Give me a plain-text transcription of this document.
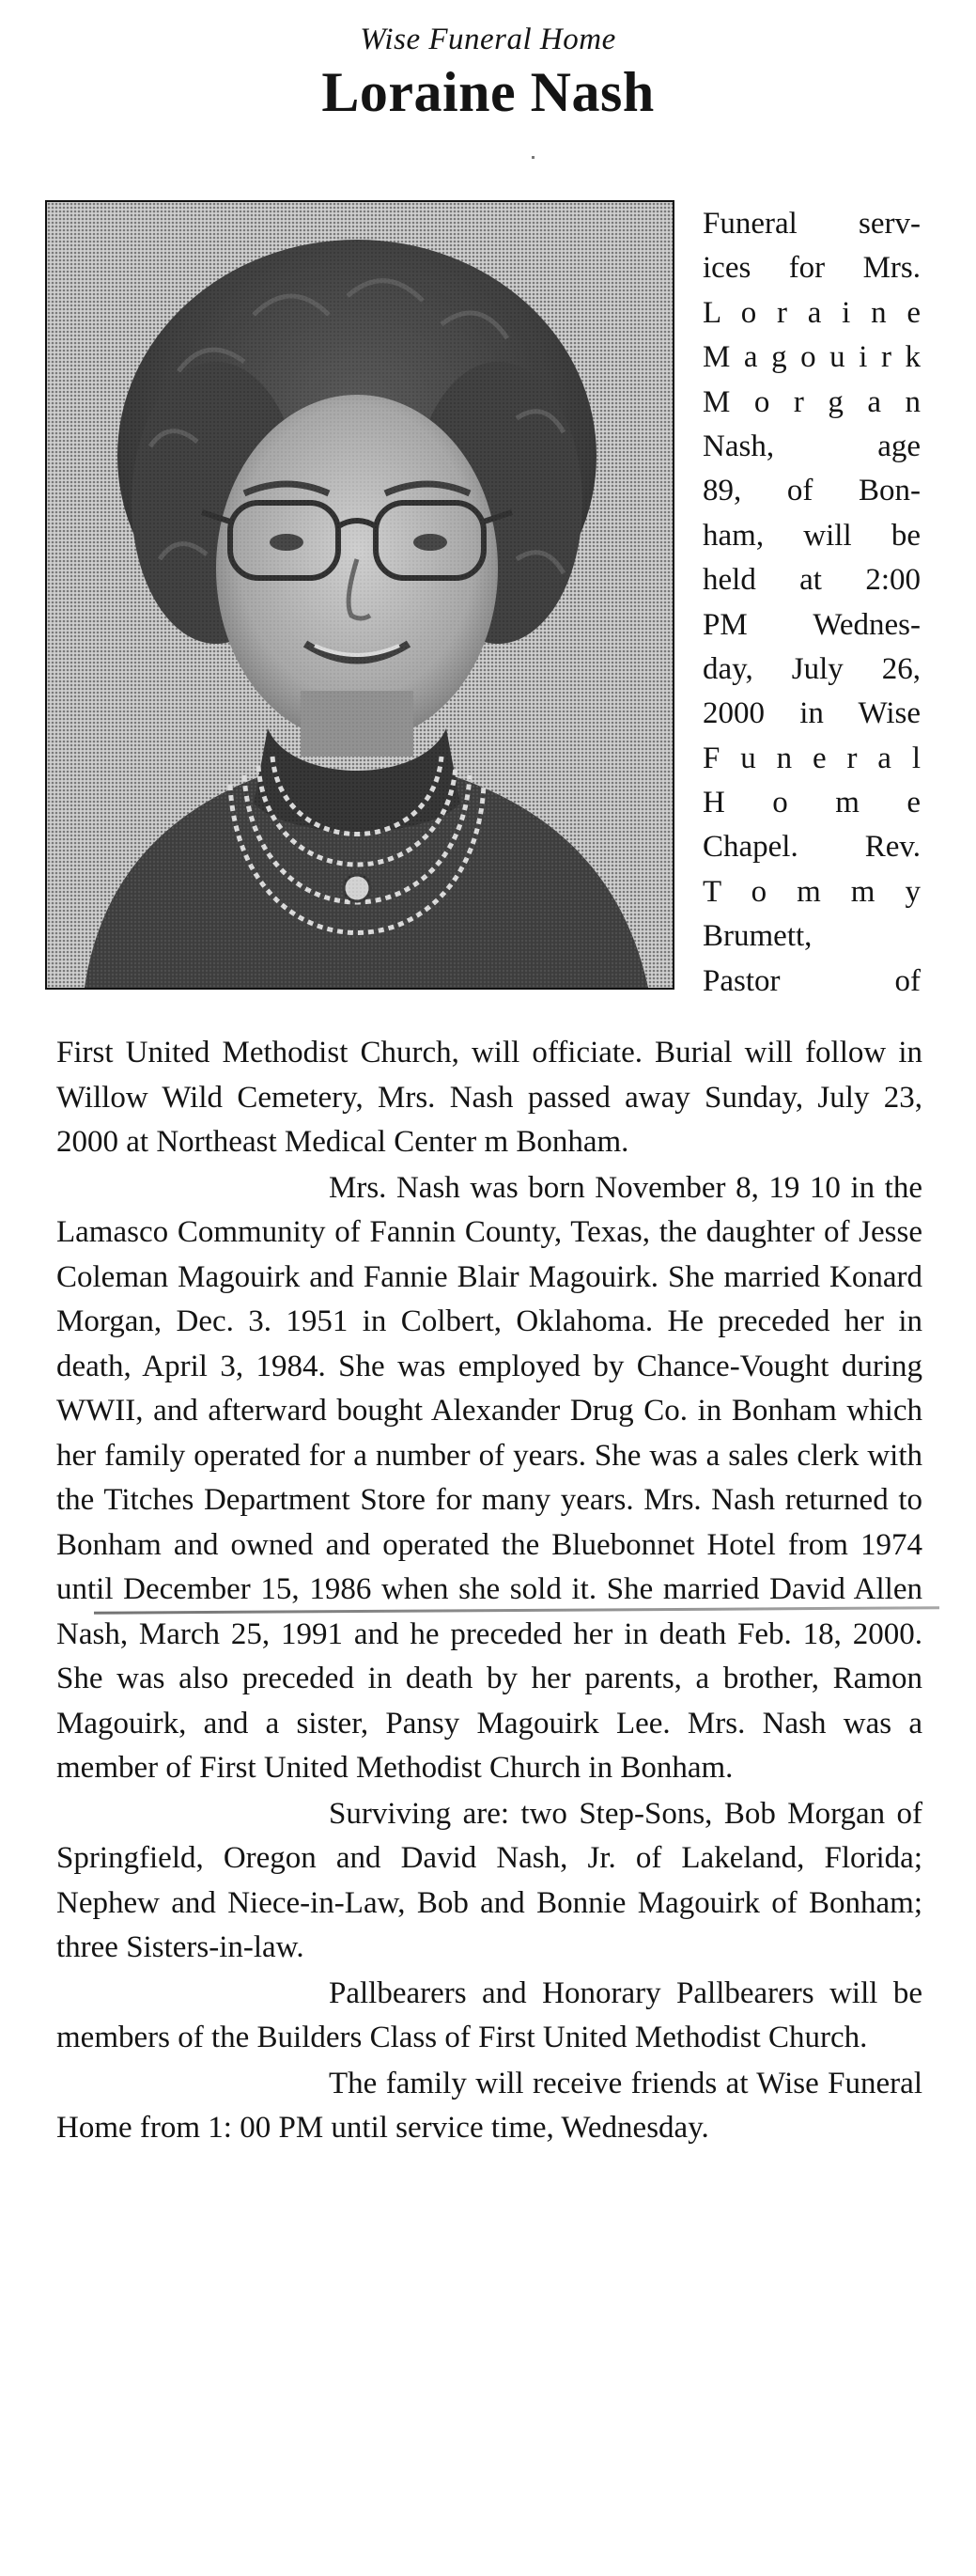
Wise Funeral Home
Loraine Nash
Funeral serv-
ices for Mrs.
L o r a i n e
M a g o u i r k
M o r g a n
Nash, age
89, of Bon-
ham, will be
held at 2:00
PM Wednes-
day, July 26,
2000 in Wise
F u n e r a l
H o m e
Chapel. Rev.
T o m m y
Brumett,
Pastor of

First United Methodist Church, will officiate. Burial will follow in Willow Wild Cemetery, Mrs. Nash passed away Sunday, July 23, 2000 at Northeast Medical Center m Bonham.

Mrs. Nash was born November 8, 19 10 in the Lamasco Community of Fannin County, Texas, the daughter of Jesse Coleman Magouirk and Fannie Blair Magouirk. She married Konard Morgan, Dec. 3. 1951 in Colbert, Oklahoma. He preceded her in death, April 3, 1984. She was employed by Chance-Vought during WWII, and afterward bought Alexander Drug Co. in Bonham which her family operated for a number of years. She was a sales clerk with the Titches Department Store for many years. Mrs. Nash returned to Bonham and owned and operated the Bluebonnet Hotel from 1974 until December 15, 1986 when she sold it. She married David Allen Nash, March 25, 1991 and he preceded her in death Feb. 18, 2000. She was also preceded in death by her parents, a brother, Ramon Magouirk, and a sister, Pansy Magouirk Lee. Mrs. Nash was a member of First United Methodist Church in Bonham.

Surviving are: two Step-Sons, Bob Morgan of Springfield, Oregon and David Nash, Jr. of Lakeland, Florida; Nephew and Niece-in-Law, Bob and Bonnie Magouirk of Bonham; three Sisters-in-law.

Pallbearers and Honorary Pallbearers will be members of the Builders Class of First United Methodist Church.

The family will receive friends at Wise Funeral Home from 1: 00 PM until service time, Wednesday.
